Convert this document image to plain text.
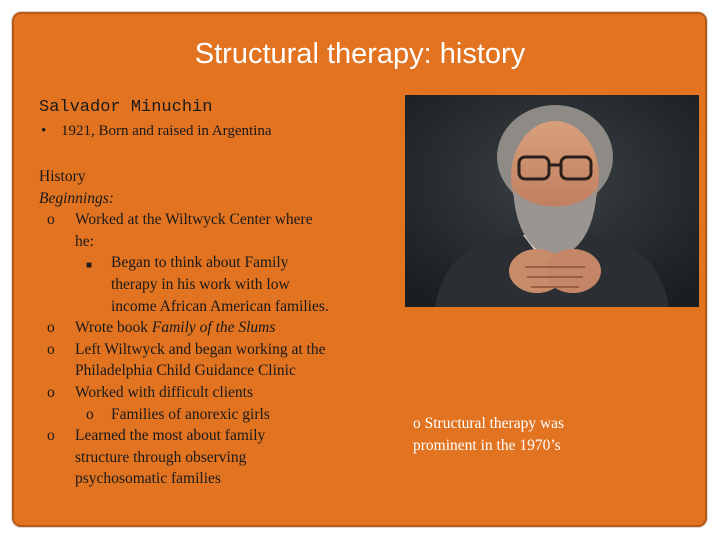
Structural therapy: history
Salvador Minuchin
• 1921, Born and raised in Argentina
History
Beginnings:
o Worked at the Wiltwyck Center where
he:
■ Began to think about Family
therapy in his work with low
income African American families.
o Wrote book Family of the Slums
o Left Wiltwyck and began working at the
Philadelphia Child Guidance Clinic
o Worked with difficult clients
o Families of anorexic girls
o Learned the most about family
structure through observing
psychosomatic families
o Structural therapy was
prominent in the 1970’s
